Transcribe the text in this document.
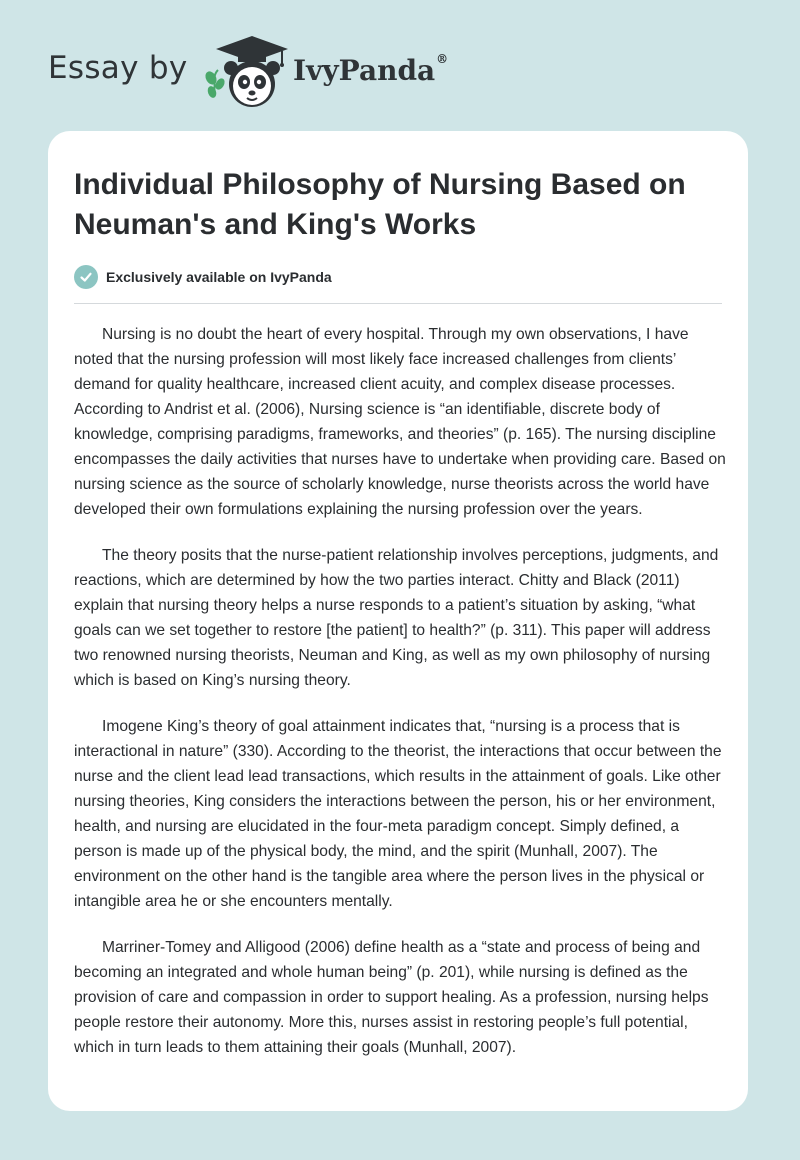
Essay by	IvyPanda®
Individual Philosophy of Nursing Based on Neuman's and King's Works
Exclusively available on IvyPanda

Nursing is no doubt the heart of every hospital. Through my own observations, I have noted that the nursing profession will most likely face increased challenges from clients’ demand for quality healthcare, increased client acuity, and complex disease processes. According to Andrist et al. (2006), Nursing science is “an identifiable, discrete body of knowledge, comprising paradigms, frameworks, and theories” (p. 165). The nursing discipline encompasses the daily activities that nurses have to undertake when providing care. Based on nursing science as the source of scholarly knowledge, nurse theorists across the world have developed their own formulations explaining the nursing profession over the years.

The theory posits that the nurse-patient relationship involves perceptions, judgments, and reactions, which are determined by how the two parties interact. Chitty and Black (2011) explain that nursing theory helps a nurse responds to a patient’s situation by asking, “what goals can we set together to restore [the patient] to health?” (p. 311). This paper will address two renowned nursing theorists, Neuman and King, as well as my own philosophy of nursing which is based on King’s nursing theory.

Imogene King’s theory of goal attainment indicates that, “nursing is a process that is interactional in nature” (330). According to the theorist, the interactions that occur between the nurse and the client lead lead transactions, which results in the attainment of goals. Like other nursing theories, King considers the interactions between the person, his or her environment, health, and nursing are elucidated in the four-meta paradigm concept. Simply defined, a person is made up of the physical body, the mind, and the spirit (Munhall, 2007). The environment on the other hand is the tangible area where the person lives in the physical or intangible area he or she encounters mentally.

Marriner-Tomey and Alligood (2006) define health as a “state and process of being and becoming an integrated and whole human being” (p. 201), while nursing is defined as the provision of care and compassion in order to support healing. As a profession, nursing helps people restore their autonomy. More this, nurses assist in restoring people’s full potential, which in turn leads to them attaining their goals (Munhall, 2007).
